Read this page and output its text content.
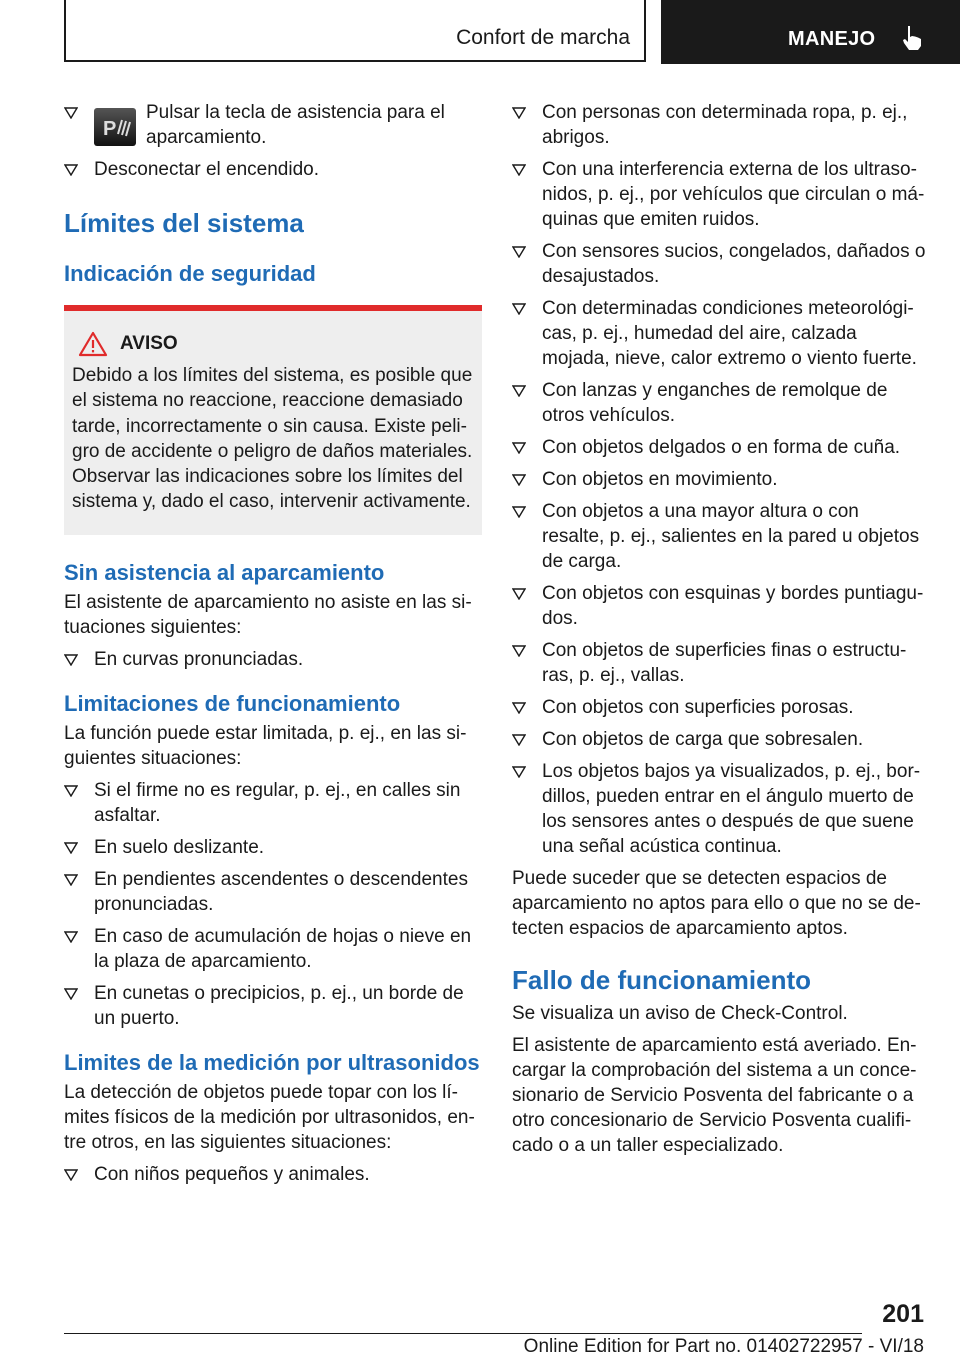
Confort de marcha	MANEJO
P
Pulsar la tecla de asistencia para el aparcamiento.
Desconectar el encendido.
Límites del sistema
Indicación de seguridad
AVISO
Debido a los límites del sistema, es posible que el sistema no reaccione, reaccione demasiado tarde, incorrectamente o sin causa. Existe peli-gro de accidente o peligro de daños materiales. Observar las indicaciones sobre los límites del sistema y, dado el caso, intervenir activamente.
Sin asistencia al aparcamiento

El asistente de aparcamiento no asiste en las si-tuaciones siguientes:

En curvas pronunciadas.
Limitaciones de funcionamiento

La función puede estar limitada, p. ej., en las si-guientes situaciones:

Si el firme no es regular, p. ej., en calles sin asfaltar.
En suelo deslizante.
En pendientes ascendentes o descendentes pronunciadas.
En caso de acumulación de hojas o nieve en la plaza de aparcamiento.
En cunetas o precipicios, p. ej., un borde de un puerto.
Limites de la medición por ultrasonidos

La detección de objetos puede topar con los lí-mites físicos de la medición por ultrasonidos, en-tre otros, en las siguientes situaciones:

Con niños pequeños y animales.
Con personas con determinada ropa, p. ej., abrigos.
Con una interferencia externa de los ultraso-nidos, p. ej., por vehículos que circulan o má-quinas que emiten ruidos.
Con sensores sucios, congelados, dañados o desajustados.
Con determinadas condiciones meteorológi-cas, p. ej., humedad del aire, calzada mojada, nieve, calor extremo o viento fuerte.
Con lanzas y enganches de remolque de otros vehículos.
Con objetos delgados o en forma de cuña.
Con objetos en movimiento.
Con objetos a una mayor altura o con resalte, p. ej., salientes en la pared u objetos de carga.
Con objetos con esquinas y bordes puntiagu-dos.
Con objetos de superficies finas o estructu-ras, p. ej., vallas.
Con objetos con superficies porosas.
Con objetos de carga que sobresalen.
Los objetos bajos ya visualizados, p. ej., bor-dillos, pueden entrar en el ángulo muerto de los sensores antes o después de que suene una señal acústica continua.

Puede suceder que se detecten espacios de aparcamiento no aptos para ello o que no se de-tecten espacios de aparcamiento aptos.

Fallo de funcionamiento

Se visualiza un aviso de Check-Control.

El asistente de aparcamiento está averiado. En-cargar la comprobación del sistema a un conce-sionario de Servicio Posventa del fabricante o a otro concesionario de Servicio Posventa cualifi-cado o a un taller especializado.

201
Online Edition for Part no. 01402722957 - VI/18
